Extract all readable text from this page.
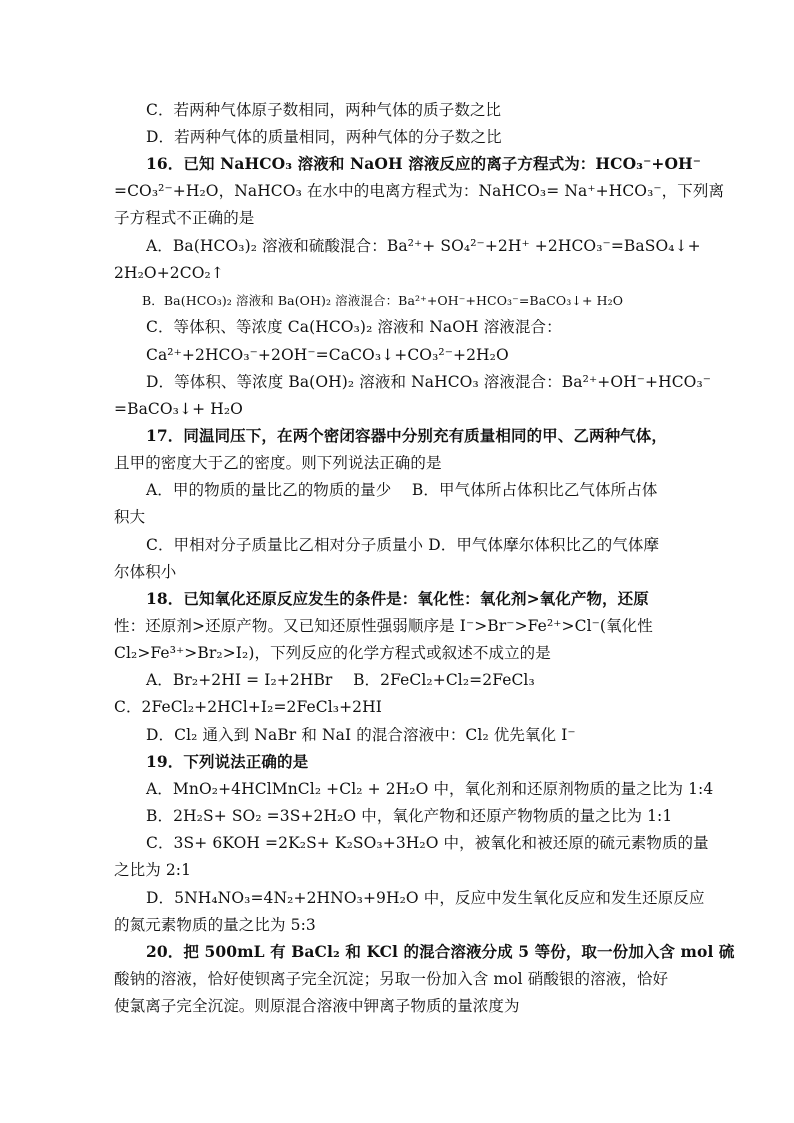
C．若两种气体原子数相同，两种气体的质子数之比
D．若两种气体的质量相同，两种气体的分子数之比
16．已知 NaHCO₃ 溶液和 NaOH 溶液反应的离子方程式为：HCO₃⁻+OH⁻
=CO₃²⁻+H₂O，NaHCO₃ 在水中的电离方程式为：NaHCO₃= Na⁺+HCO₃⁻，下列离
子方程式不正确的是
A．Ba(HCO₃)₂ 溶液和硫酸混合：Ba²⁺+ SO₄²⁻+2H⁺ +2HCO₃⁻=BaSO₄↓+
2H₂O+2CO₂↑
B．Ba(HCO₃)₂ 溶液和 Ba(OH)₂ 溶液混合：Ba²⁺+OH⁻+HCO₃⁻=BaCO₃↓+ H₂O
C．等体积、等浓度 Ca(HCO₃)₂ 溶液和 NaOH 溶液混合：
Ca²⁺+2HCO₃⁻+2OH⁻=CaCO₃↓+CO₃²⁻+2H₂O
D．等体积、等浓度 Ba(OH)₂ 溶液和 NaHCO₃ 溶液混合：Ba²⁺+OH⁻+HCO₃⁻
=BaCO₃↓+ H₂O
17．同温同压下，在两个密闭容器中分别充有质量相同的甲、乙两种气体，
且甲的密度大于乙的密度。则下列说法正确的是
A．甲的物质的量比乙的物质的量少　 B．甲气体所占体积比乙气体所占体
积大
C．甲相对分子质量比乙相对分子质量小 D．甲气体摩尔体积比乙的气体摩
尔体积小
18．已知氧化还原反应发生的条件是：氧化性：氧化剂>氧化产物，还原
性：还原剂>还原产物。又已知还原性强弱顺序是 I⁻>Br⁻>Fe²⁺>Cl⁻(氧化性
Cl₂>Fe³⁺>Br₂>I₂)，下列反应的化学方程式或叙述不成立的是
A．Br₂+2HI = I₂+2HBr　 B．2FeCl₂+Cl₂=2FeCl₃
C．2FeCl₂+2HCl+I₂=2FeCl₃+2HI
D．Cl₂ 通入到 NaBr 和 NaI 的混合溶液中：Cl₂ 优先氧化 I⁻
19．下列说法正确的是
A．MnO₂+4HClMnCl₂ +Cl₂ + 2H₂O 中，氧化剂和还原剂物质的量之比为 1:4
B．2H₂S+ SO₂ =3S+2H₂O 中，氧化产物和还原产物物质的量之比为 1:1
C．3S+ 6KOH =2K₂S+ K₂SO₃+3H₂O 中，被氧化和被还原的硫元素物质的量
之比为 2:1
D．5NH₄NO₃=4N₂+2HNO₃+9H₂O 中，反应中发生氧化反应和发生还原反应
的氮元素物质的量之比为 5:3
20．把 500mL 有 BaCl₂ 和 KCl 的混合溶液分成 5 等份，取一份加入含 mol 硫
酸钠的溶液，恰好使钡离子完全沉淀；另取一份加入含 mol 硝酸银的溶液，恰好
使氯离子完全沉淀。则原混合溶液中钾离子物质的量浓度为
